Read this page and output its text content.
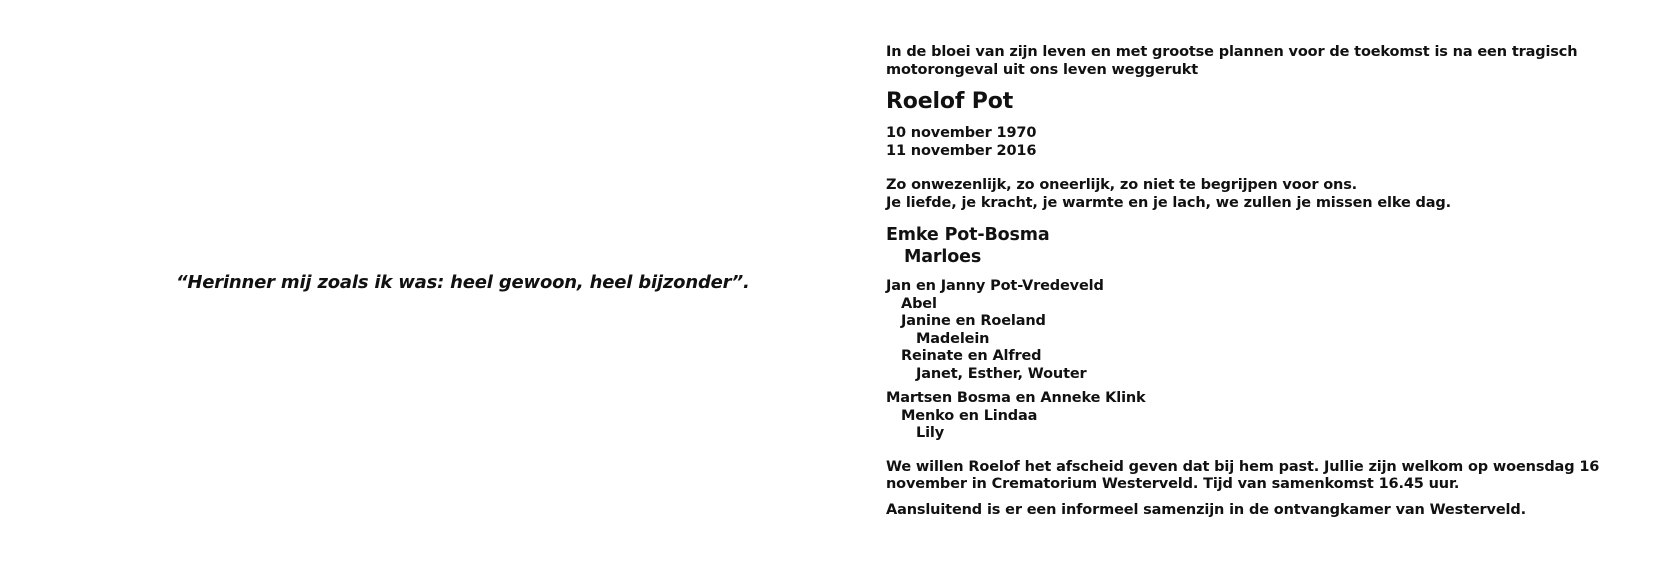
“Herinner mij zoals ik was: heel gewoon, heel bijzonder”.

In de bloei van zijn leven en met grootse plannen voor de toekomst is na een tragisch motorongeval uit ons leven weggerukt

Roelof Pot
10 november 1970
11 november 2016
Zo onwezenlijk, zo oneerlijk, zo niet te begrijpen voor ons.
Je liefde, je kracht, je warmte en je lach, we zullen je missen elke dag.
Emke Pot-Bosma
Marloes
Jan en Janny Pot-Vredeveld
Abel
Janine en Roeland
Madelein
Reinate en Alfred
Janet, Esther, Wouter
Martsen Bosma en Anneke Klink
Menko en Lindaa
Lily

We willen Roelof het afscheid geven dat bij hem past. Jullie zijn welkom op woensdag 16 november in Crematorium Westerveld. Tijd van samenkomst 16.45 uur.

Aansluitend is er een informeel samenzijn in de ontvangkamer van Westerveld.
